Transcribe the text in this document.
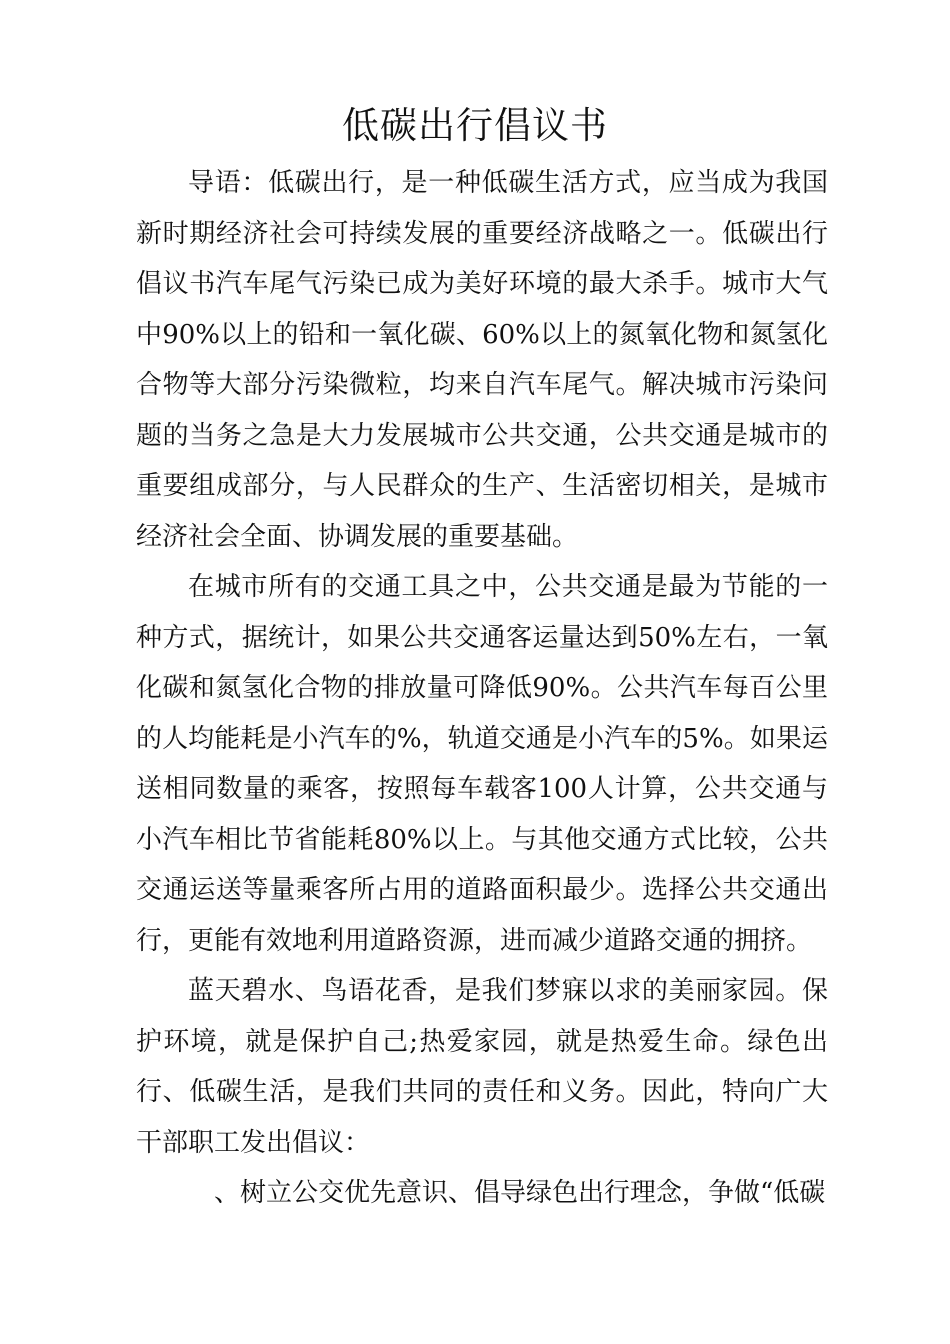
低碳出行倡议书

导语：低碳出行，是一种低碳生活方式，应当成为我国新时期经济社会可持续发展的重要经济战略之一。低碳出行倡议书汽车尾气污染已成为美好环境的最大杀手。城市大气中90%以上的铅和一氧化碳、60%以上的氮氧化物和氮氢化合物等大部分污染微粒，均来自汽车尾气。解决城市污染问题的当务之急是大力发展城市公共交通，公共交通是城市的重要组成部分，与人民群众的生产、生活密切相关，是城市经济社会全面、协调发展的重要基础。

在城市所有的交通工具之中，公共交通是最为节能的一种方式，据统计，如果公共交通客运量达到50%左右，一氧化碳和氮氢化合物的排放量可降低90%。公共汽车每百公里的人均能耗是小汽车的%，轨道交通是小汽车的5%。如果运送相同数量的乘客，按照每车载客100人计算，公共交通与小汽车相比节省能耗80%以上。与其他交通方式比较，公共交通运送等量乘客所占用的道路面积最少。选择公共交通出行，更能有效地利用道路资源，进而减少道路交通的拥挤。

蓝天碧水、鸟语花香，是我们梦寐以求的美丽家园。保护环境，就是保护自己;热爱家园，就是热爱生命。绿色出行、低碳生活，是我们共同的责任和义务。因此，特向广大干部职工发出倡议：

、树立公交优先意识、倡导绿色出行理念，争做“低碳
